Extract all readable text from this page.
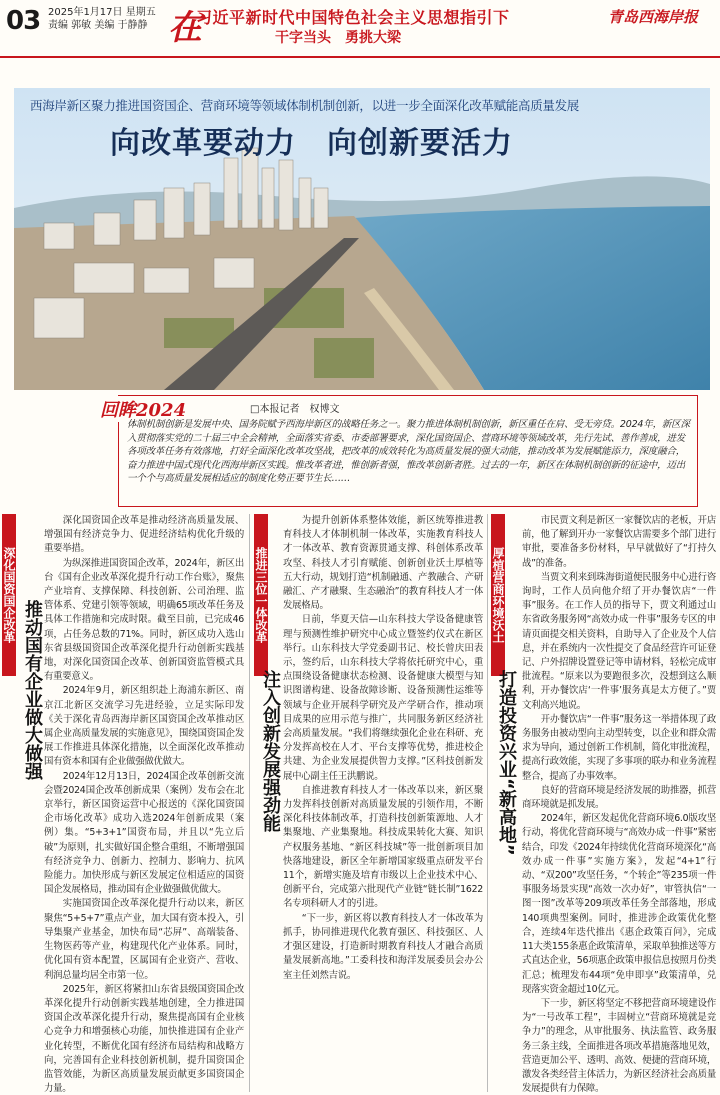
03 2025年1月17日 星期五
责编 郭敏 美编 于静静 在
习近平新时代中国特色社会主义思想指引下
干字当头　勇挑大梁
青岛西海岸报
西海岸新区聚力推进国资国企、营商环境等领域体制机制创新，以进一步全面深化改革赋能高质量发展
向改革要动力　向创新要活力
回眸2024	□本报记者　权博文
体制机制创新是发展中央、国务院赋予西海岸新区的战略任务之一。聚力推进体制机制创新，新区重任在肩、受无旁贷。2024年，新区深入贯彻落实党的二十届三中全会精神，全面落实省委、市委部署要求，深化国资国企、营商环境等领域改革，先行先试、善作善成，进发各项改革任务有效落地，打好全面深化改革攻坚战，把改革的成效转化为高质量发展的强大动能，推动改革为发展赋能添力，深度融合，奋力推进中国式现代化西海岸新区实践。惟改革者进，惟创新者强，惟改革创新者胜。过去的一年，新区在体制机制创新的征途中，迈出一个个与高质量发展相适应的制度化势正要节生长……
深化国资国企改革
推动国有企业做大做强

深化国资国企改革是推动经济高质量发展、增强国有经济竞争力、促进经济结构优化升级的重要举措。

为纵深推进国资国企改革，2024年，新区出台《国有企业改革深化提升行动工作台账》，聚焦产业培育、支撑保障、科技创新、公司治理、监管体系、党建引领等领域，明确65项改革任务及具体工作措施和完成时限。截至目前，已完成46项，占任务总数的71%。同时，新区成功入选山东省县级国资国企改革深化提升行动创新实践基地，对深化国资国企改革、创新国资监管模式具有重要意义。

2024年9月，新区组织赴上海浦东新区、南京江北新区交流学习先进经验，立足实际印发《关于深化青岛西海岸新区国资国企改革推动区属企业高质量发展的实施意见》，围绕国资国企发展工作推进具体深化措施，以全面深化改革推动国有资本和国有企业做强做优做大。

2024年12月13日，2024国企改革创新交流会暨2024国企改革创新成果（案例）发布会在北京举行，新区国资运营中心报送的《深化国资国企市场化改革》成功入选2024年创新成果（案例）集。“5+3+1”国资布局，并且以“先立后破”为原则，扎实做好国企整合重组，不断增强国有经济竞争力、创新力、控制力、影响力、抗风险能力。加快形成与新区发展定位相适应的国资国企发展格局，推动国有企业做强做优做大。

实施国资国企改革深化提升行动以来，新区聚焦“5+5+7”重点产业，加大国有资本投入，引导集聚产业基金，加快布局“芯屏”、高端装备、生物医药等产业，构建现代化产业体系。同时，优化国有资本配置，区属国有企业资产、营收、利润总量均居全市第一位。

2025年，新区将紧扣山东省县级国资国企改革深化提升行动创新实践基地创建，全力推进国资国企改革深化提升行动，聚焦提高国有企业核心竞争力和增强核心功能，加快推进国有企业产业化转型，不断优化国有经济布局结构和战略方向，完善国有企业科技创新机制，提升国资国企监管效能，为新区高质量发展贡献更多国资国企力量。

推进三位一体改革
注入创新发展强劲能

为提升创新体系整体效能，新区统筹推进教育科技人才体制机制一体改革，实施教育科技人才一体改革、教育资源贯通支撑、科创体系改革攻坚、科技人才引育赋能、创新创业沃土厚植等五大行动，规划打造“机制融通、产教融合、产研融汇、产才融聚、生态融治”的教育科技人才一体发展格局。

日前，华夏天信—山东科技大学设备健康管理与预测性维护研究中心成立暨签约仪式在新区举行。山东科技大学党委副书记、校长曾庆田表示，签约后，山东科技大学将依托研究中心，重点围绕设备健康状态检测、设备健康大模型与知识图谱构建、设备故障诊断、设备预测性运维等领域与企业开展科学研究及产学研合作，推动项目成果的应用示范与推广，共同服务新区经济社会高质量发展。“我们将继续强化企业在科研、充分发挥高校在人才、平台支撑等优势，推进校企共建、为企业发展提供智力支撑。”区科技创新发展中心副主任王洪鹏说。

自推进教育科技人才一体改革以来，新区聚力发挥科技创新对高质量发展的引领作用，不断深化科技体制改革，打造科技创新策源地、人才集聚地、产业集聚地。科技成果转化大赛、知识产权服务基地、“新区科技城”等一批创新项目加快落地建设，新区全年新增国家级重点研发平台11个，新增实施及培育市级以上企业技术中心、创新平台，完成第六批现代产业链“链长制”1622名专项科研人才的引进。

“下一步，新区将以教育科技人才一体改革为抓手，协同推进现代化教育强区、科技强区、人才强区建设，打造新时期教育科技人才融合高质量发展新高地。”工委科技和海洋发展委员会办公室主任刘然吉说。

厚植营商环境沃土
打造投资兴业“新高地”

市民贾文利是新区一家餐饮店的老板，开店前，他了解到开办一家餐饮店需要多个部门进行审批，要准备多份材料，早早就做好了“打持久战”的准备。

当贾文利来到珠海街道便民服务中心进行咨询时，工作人员向他介绍了开办餐饮店“一件事”服务。在工作人员的指导下，贾文利通过山东省政务服务网“高效办成一件事”服务专区的申请页面提交相关资料，自助导入了企业及个人信息，并在系统内一次性提交了食品经营许可证登记、户外招牌设置登记等申请材料，轻松完成审批流程。“原来以为要跑很多次，没想到这么顺利，开办餐饮店‘一件事’服务真是太方便了。”贾文利高兴地说。

开办餐饮店“一件事”服务这一举措体现了政务服务由被动型向主动型转变，以企业和群众需求为导向，通过创新工作机制，简化审批流程，提高行政效能，实现了多事项的联办和业务流程整合，提高了办事效率。

良好的营商环境是经济发展的助推器，抓营商环境就是抓发展。

2024年，新区发起优化营商环境6.0版攻坚行动，将优化营商环境与“高效办成一件事”紧密结合，印发《2024年持续优化营商环境深化“高效办成一件事”实施方案》，发起“4+1”行动、“双200”攻坚任务，“个转企”等235项一件事服务场景实现“高效一次办好”，审管执信“一图一图”改革等209项改革任务全部落地，形成140项典型案例。同时，推进涉企政策优化整合，连续4年迭代推出《惠企政策百问》，完成11大类155条惠企政策清单，采取单独推送等方式直达企业，56项惠企政策申报信息按照月份类汇总；梳理发布44项“免申即享”政策清单，兑现落实资金超过10亿元。

下一步，新区将坚定不移把营商环境建设作为“一号改革工程”，丰固树立“营商环境就是竞争力”的理念，从审批服务、执法监管、政务服务三条主线，全面推进各项改革措施落地见效，营造更加公平、透明、高效、便捷的营商环境，激发各类经营主体活力，为新区经济社会高质量发展提供有力保障。
